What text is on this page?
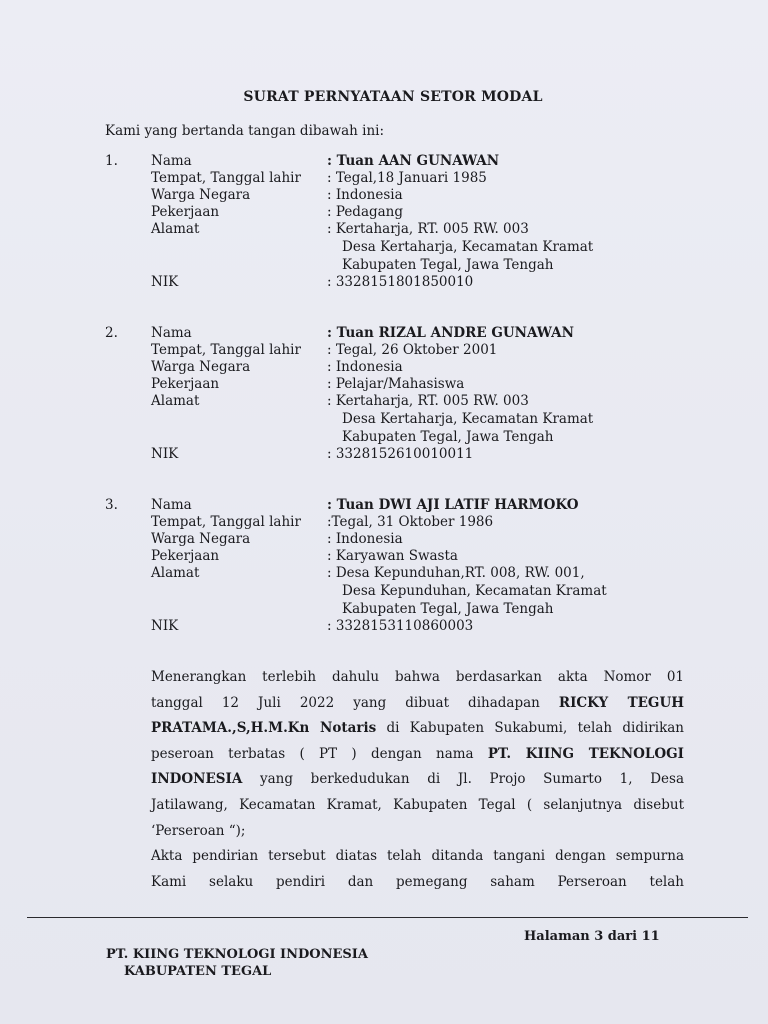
SURAT PERNYATAAN SETOR MODAL
Kami yang bertanda tangan dibawah ini:
1. Nama	: Tuan AAN GUNAWAN
Tempat, Tanggal lahir : Tegal,18 Januari 1985
Warga Negara	: Indonesia
Pekerjaan	: Pedagang
Alamat	: Kertaharja, RT. 005 RW. 003
Desa Kertaharja, Kecamatan Kramat
Kabupaten Tegal, Jawa Tengah
NIK	: 3328151801850010
2. Nama	: Tuan RIZAL ANDRE GUNAWAN
Tempat, Tanggal lahir : Tegal, 26 Oktober 2001
Warga Negara	: Indonesia
Pekerjaan	: Pelajar/Mahasiswa
Alamat	: Kertaharja, RT. 005 RW. 003
Desa Kertaharja, Kecamatan Kramat
Kabupaten Tegal, Jawa Tengah
NIK	: 3328152610010011
3. Nama	: Tuan DWI AJI LATIF HARMOKO
Tempat, Tanggal lahir :Tegal, 31 Oktober 1986
Warga Negara	: Indonesia
Pekerjaan	: Karyawan Swasta
Alamat	: Desa Kepunduhan,RT. 008, RW. 001,
Desa Kepunduhan, Kecamatan Kramat
Kabupaten Tegal, Jawa Tengah
NIK	: 3328153110860003
Menerangkan terlebih dahulu bahwa berdasarkan akta Nomor 01
tanggal 12 Juli 2022 yang dibuat dihadapan RICKY TEGUH
PRATAMA.,S,H.M.Kn Notaris di Kabupaten Sukabumi, telah didirikan
peseroan terbatas ( PT ) dengan nama PT. KIING TEKNOLOGI
INDONESIA yang berkedudukan di Jl. Projo Sumarto 1, Desa
Jatilawang, Kecamatan Kramat, Kabupaten Tegal ( selanjutnya disebut
‘Perseroan “);
Akta pendirian tersebut diatas telah ditanda tangani dengan sempurna
Kami selaku pendiri dan pemegang saham Perseroan telah
Halaman 3 dari 11
PT. KIING TEKNOLOGI INDONESIA
KABUPATEN TEGAL
